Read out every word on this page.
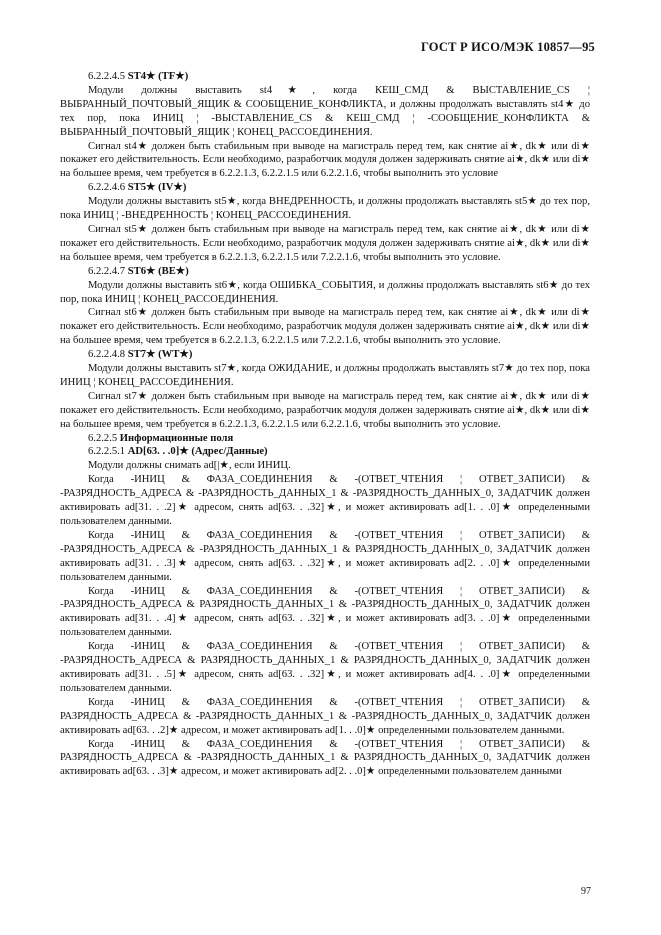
ГОСТ Р ИСО/МЭК 10857—95

6.2.2.4.5 ST4★ (TF★)

Модули должны выставить st4★, когда КЕШ_СМД & ВЫСТАВЛЕНИЕ_CS ¦ ВЫБРАННЫЙ_ПОЧТОВЫЙ_ЯЩИК & СООБЩЕНИЕ_КОНФЛИКТА, и должны продолжать выставлять st4★ до тех пор, пока ИНИЦ ¦ -ВЫСТАВЛЕНИЕ_CS & КЕШ_СМД ¦ -СООБЩЕНИЕ_КОНФЛИКТА & ВЫБРАННЫЙ_ПОЧТОВЫЙ_ЯЩИК ¦ КОНЕЦ_РАССОЕДИНЕНИЯ.

Сигнал st4★ должен быть стабильным при выводе на магистраль перед тем, как снятие ai★, dk★ или di★ покажет его действительность. Если необходимо, разработчик модуля должен задерживать снятие ai★, dk★ или di★ на большее время, чем требуется в 6.2.2.1.3, 6.2.2.1.5 или 6.2.2.1.6, чтобы выполнить это условие

6.2.2.4.6 ST5★ (IV★)

Модули должны выставить st5★, когда ВНЕДРЕННОСТЬ, и должны продолжать выставлять st5★ до тех пор, пока ИНИЦ ¦ -ВНЕДРЕННОСТЬ ¦ КОНЕЦ_РАССОЕДИНЕНИЯ.

Сигнал st5★ должен быть стабильным при выводе на магистраль перед тем, как снятие ai★, dk★ или di★ покажет его действительность. Если необходимо, разработчик модуля должен задерживать снятие ai★, dk★ или di★ на большее время, чем требуется в 6.2.2.1.3, 6.2.2.1.5 или 7.2.2.1.6, чтобы выполнить это условие.

6.2.2.4.7 ST6★ (BE★)

Модули должны выставить st6★, когда ОШИБКА_СОБЫТИЯ, и должны продолжать выставлять st6★ до тех пор, пока ИНИЦ ¦ КОНЕЦ_РАССОЕДИНЕНИЯ.

Сигнал st6★ должен быть стабильным при выводе на магистраль перед тем, как снятие ai★, dk★ или di★ покажет его действительность. Если необходимо, разработчик модуля должен задерживать снятие ai★, dk★ или di★ на большее время, чем требуется в 6.2.2.1.3, 6.2.2.1.5 или 7.2.2.1.6, чтобы выполнить это условие.

6.2.2.4.8 ST7★ (WT★)

Модули должны выставить st7★, когда ОЖИДАНИЕ, и должны продолжать выставлять st7★ до тех пор, пока ИНИЦ ¦ КОНЕЦ_РАССОЕДИНЕНИЯ.

Сигнал st7★ должен быть стабильным при выводе на магистраль перед тем, как снятие ai★, dk★ или di★ покажет его действительность. Если необходимо, разработчик модуля должен задерживать снятие ai★, dk★ или di★ на большее время, чем требуется в 6.2.2.1.3, 6.2.2.1.5 или 6.2.2.1.6, чтобы выполнить это условие.

6.2.2.5 Информационные поля

6.2.2.5.1 AD[63. . .0]★ (Адрес/Данные)

Модули должны снимать ad[|★, если ИНИЦ.

Когда -ИНИЦ & ФАЗА_СОЕДИНЕНИЯ & -(ОТВЕТ_ЧТЕНИЯ ¦ ОТВЕТ_ЗАПИСИ) & -РАЗРЯДНОСТЬ_АДРЕСА & -РАЗРЯДНОСТЬ_ДАННЫХ_1 & -РАЗРЯДНОСТЬ_ДАННЫХ_0, ЗАДАТЧИК должен активировать ad[31. . .2]★ адресом, снять ad[63. . .32]★, и может активировать ad[1. . .0]★ определенными пользователем данными.

Когда -ИНИЦ & ФАЗА_СОЕДИНЕНИЯ & -(ОТВЕТ_ЧТЕНИЯ ¦ ОТВЕТ_ЗАПИСИ) & -РАЗРЯДНОСТЬ_АДРЕСА & -РАЗРЯДНОСТЬ_ДАННЫХ_1 & РАЗРЯДНОСТЬ_ДАННЫХ_0, ЗАДАТЧИК должен активировать ad[31. . .3]★ адресом, снять ad[63. . .32]★, и может активировать ad[2. . .0]★ определенными пользователем данными.

Когда -ИНИЦ & ФАЗА_СОЕДИНЕНИЯ & -(ОТВЕТ_ЧТЕНИЯ ¦ ОТВЕТ_ЗАПИСИ) & -РАЗРЯДНОСТЬ_АДРЕСА & РАЗРЯДНОСТЬ_ДАННЫХ_1 & -РАЗРЯДНОСТЬ_ДАННЫХ_0, ЗАДАТЧИК должен активировать ad[31. . .4]★ адресом, снять ad[63. . .32]★, и может активировать ad[3. . .0]★ определенными пользователем данными.

Когда -ИНИЦ & ФАЗА_СОЕДИНЕНИЯ & -(ОТВЕТ_ЧТЕНИЯ ¦ ОТВЕТ_ЗАПИСИ) & -РАЗРЯДНОСТЬ_АДРЕСА & РАЗРЯДНОСТЬ_ДАННЫХ_1 & РАЗРЯДНОСТЬ_ДАННЫХ_0, ЗАДАТЧИК должен активировать ad[31. . .5]★ адресом, снять ad[63. . .32]★, и может активировать ad[4. . .0]★ определенными пользователем данными.

Когда -ИНИЦ & ФАЗА_СОЕДИНЕНИЯ & -(ОТВЕТ_ЧТЕНИЯ ¦ ОТВЕТ_ЗАПИСИ) & РАЗРЯДНОСТЬ_АДРЕСА & -РАЗРЯДНОСТЬ_ДАННЫХ_1 & -РАЗРЯДНОСТЬ_ДАННЫХ_0, ЗАДАТЧИК должен активировать ad[63. . .2]★ адресом, и может активировать ad[1. . .0]★ определенными пользователем данными.

Когда -ИНИЦ & ФАЗА_СОЕДИНЕНИЯ & -(ОТВЕТ_ЧТЕНИЯ ¦ ОТВЕТ_ЗАПИСИ) & РАЗРЯДНОСТЬ_АДРЕСА & -РАЗРЯДНОСТЬ_ДАННЫХ_1 & РАЗРЯДНОСТЬ_ДАННЫХ_0, ЗАДАТЧИК должен активировать ad[63. . .3]★ адресом, и может активировать ad[2. . .0]★ определенными пользователем данными

97
